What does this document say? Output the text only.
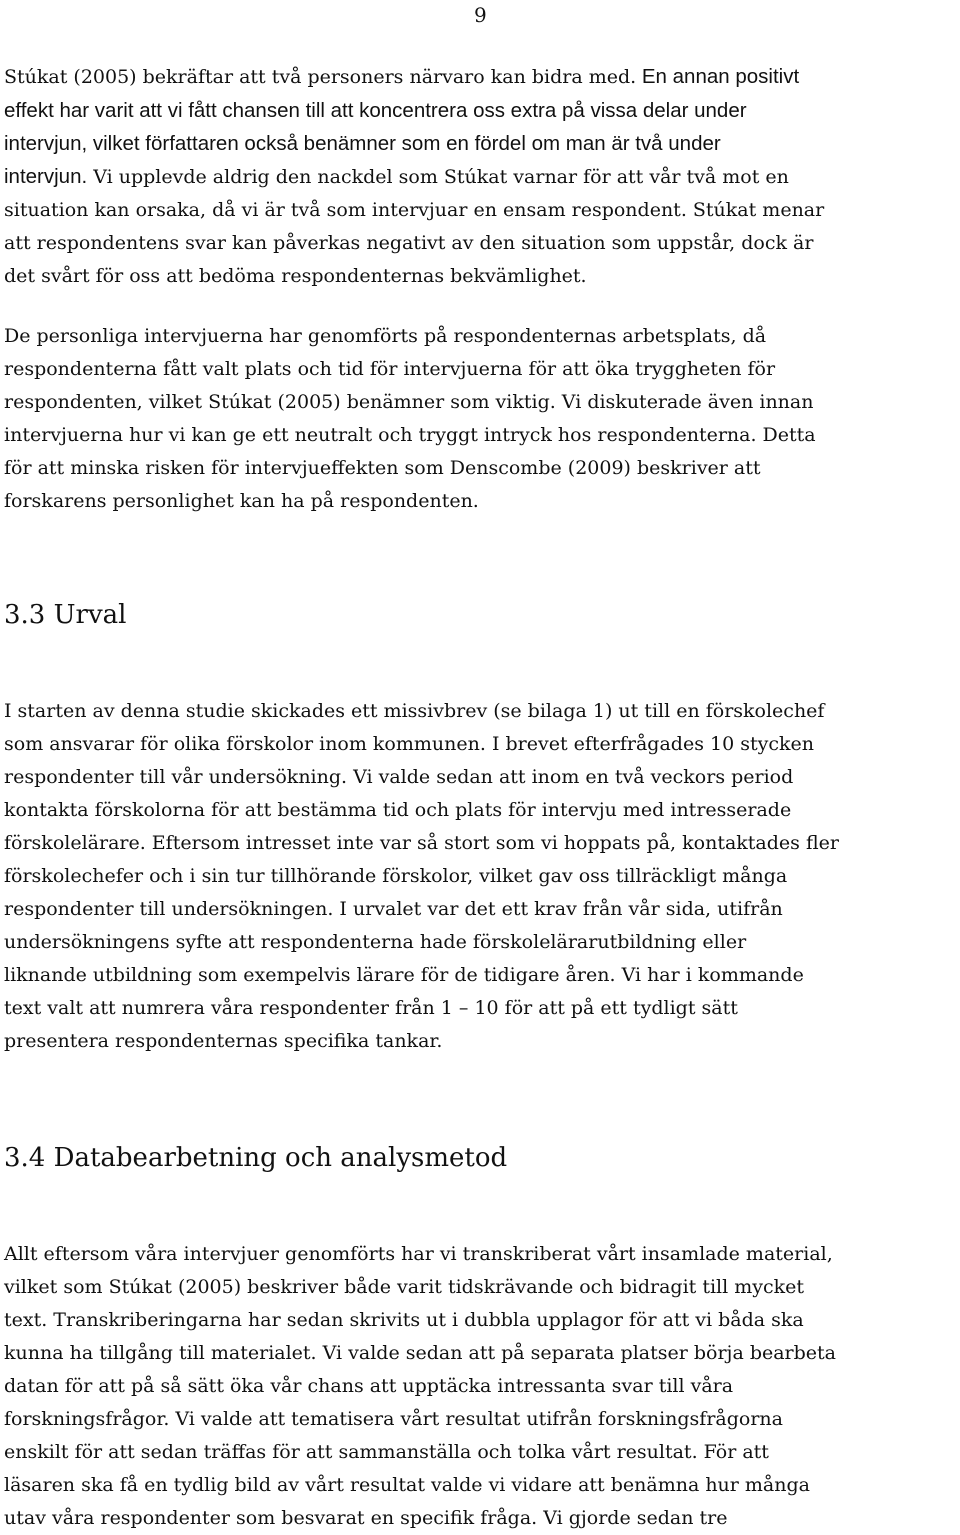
9

Stúkat (2005) bekräftar att två personers närvaro kan bidra med. En annan positivt
effekt har varit att vi fått chansen till att koncentrera oss extra på vissa delar under
intervjun, vilket författaren också benämner som en fördel om man är två under
intervjun. Vi upplevde aldrig den nackdel som Stúkat varnar för att vår två mot en
situation kan orsaka, då vi är två som intervjuar en ensam respondent. Stúkat menar
att respondentens svar kan påverkas negativt av den situation som uppstår, dock är
det svårt för oss att bedöma respondenternas bekvämlighet.

De personliga intervjuerna har genomförts på respondenternas arbetsplats, då
respondenterna fått valt plats och tid för intervjuerna för att öka tryggheten för
respondenten, vilket Stúkat (2005) benämner som viktig. Vi diskuterade även innan
intervjuerna hur vi kan ge ett neutralt och tryggt intryck hos respondenterna. Detta
för att minska risken för intervjueffekten som Denscombe (2009) beskriver att
forskarens personlighet kan ha på respondenten.

3.3 Urval

I starten av denna studie skickades ett missivbrev (se bilaga 1) ut till en förskolechef
som ansvarar för olika förskolor inom kommunen. I brevet efterfrågades 10 stycken
respondenter till vår undersökning. Vi valde sedan att inom en två veckors period
kontakta förskolorna för att bestämma tid och plats för intervju med intresserade
förskolelärare. Eftersom intresset inte var så stort som vi hoppats på, kontaktades fler
förskolechefer och i sin tur tillhörande förskolor, vilket gav oss tillräckligt många
respondenter till undersökningen. I urvalet var det ett krav från vår sida, utifrån
undersökningens syfte att respondenterna hade förskolelärarutbildning eller
liknande utbildning som exempelvis lärare för de tidigare åren. Vi har i kommande
text valt att numrera våra respondenter från 1 – 10 för att på ett tydligt sätt
presentera respondenternas specifika tankar.

3.4 Databearbetning och analysmetod

Allt eftersom våra intervjuer genomförts har vi transkriberat vårt insamlade material,
vilket som Stúkat (2005) beskriver både varit tidskrävande och bidragit till mycket
text. Transkriberingarna har sedan skrivits ut i dubbla upplagor för att vi båda ska
kunna ha tillgång till materialet. Vi valde sedan att på separata platser börja bearbeta
datan för att på så sätt öka vår chans att upptäcka intressanta svar till våra
forskningsfrågor. Vi valde att tematisera vårt resultat utifrån forskningsfrågorna
enskilt för att sedan träffas för att sammanställa och tolka vårt resultat. För att
läsaren ska få en tydlig bild av vårt resultat valde vi vidare att benämna hur många
utav våra respondenter som besvarat en specifik fråga. Vi gjorde sedan tre
